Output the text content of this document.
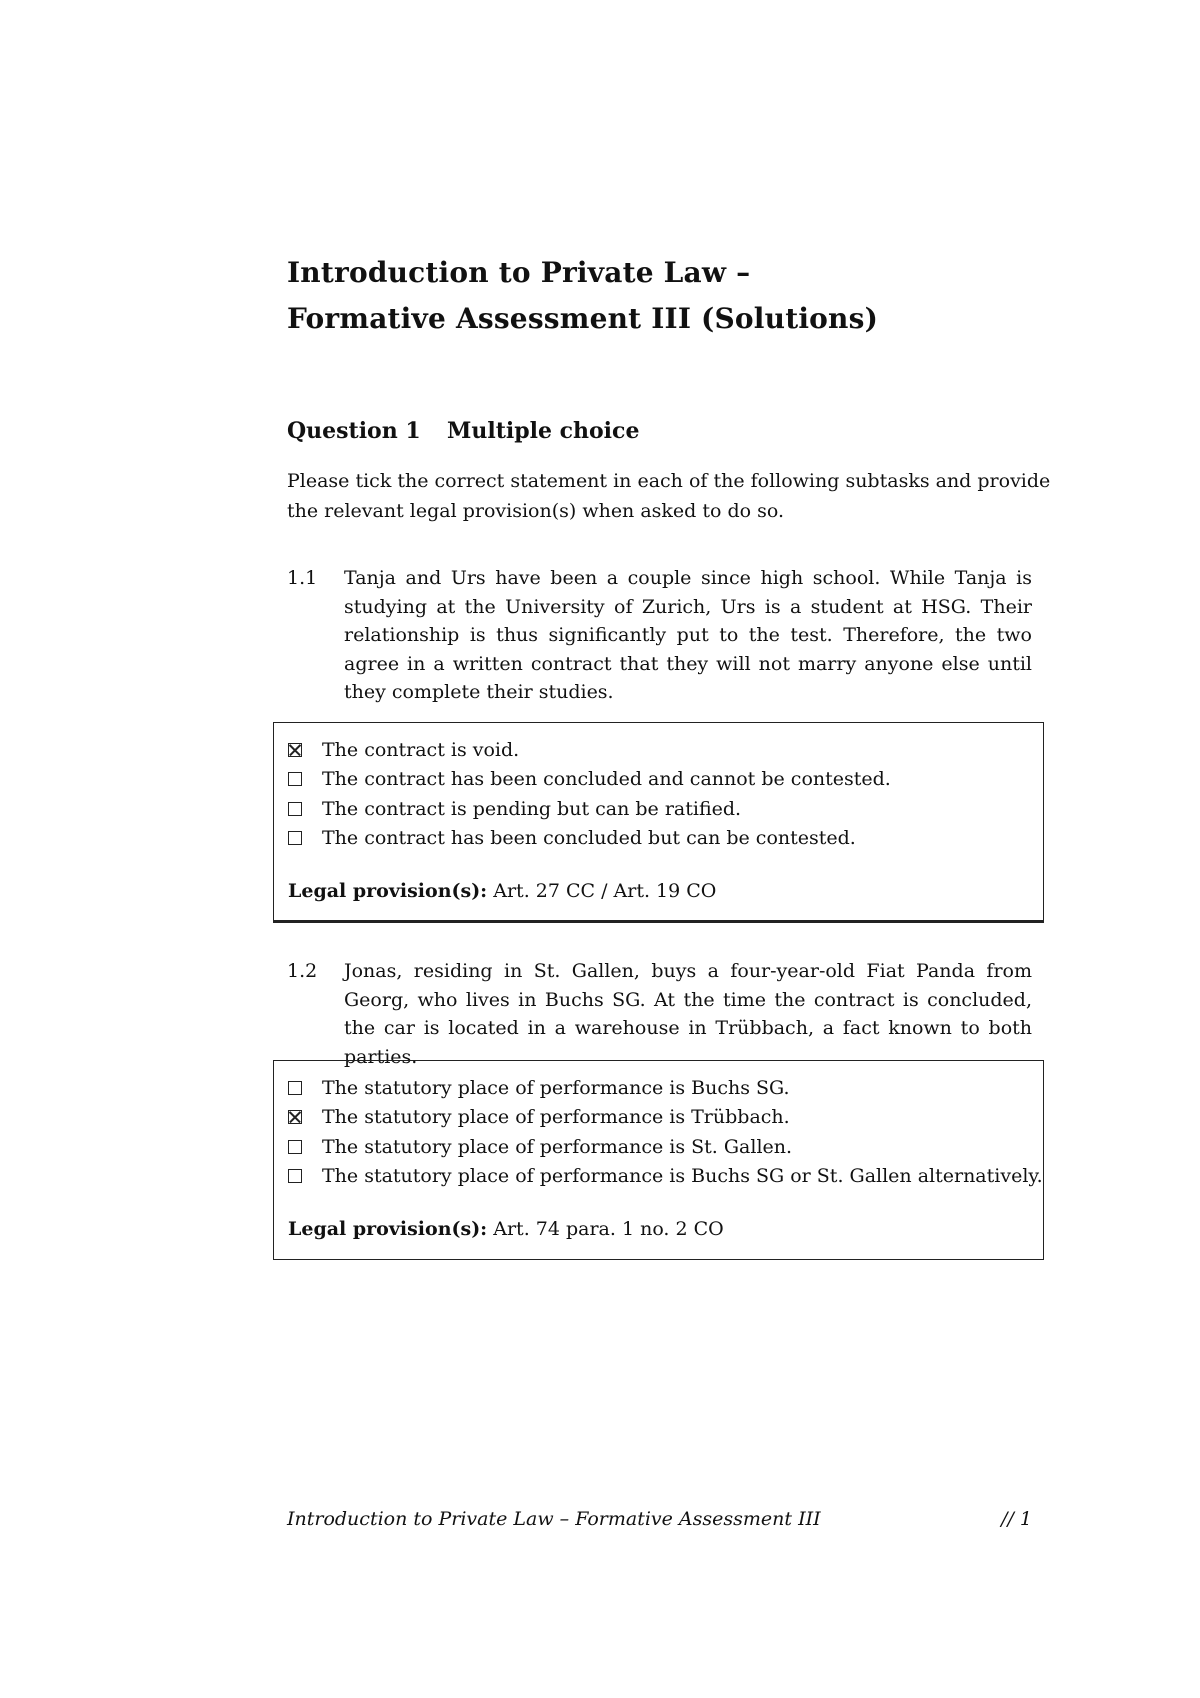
Introduction to Private Law –
Formative Assessment III (Solutions)
Question 1 Multiple choice
Please tick the correct statement in each of the following subtasks and provide
the relevant legal provision(s) when asked to do so.
1.1 Tanja and Urs have been a couple since high school. While Tanja is studying at the University of Zurich, Urs is a student at HSG. Their relationship is thus significantly put to the test. Therefore, the two agree in a written contract that they will not marry anyone else until they complete their studies.
The contract is void.
The contract has been concluded and cannot be contested.
The contract is pending but can be ratified.
The contract has been concluded but can be contested.
Legal provision(s): Art. 27 CC / Art. 19 CO
1.2 Jonas, residing in St. Gallen, buys a four-year-old Fiat Panda from Georg, who lives in Buchs SG. At the time the contract is concluded, the car is located in a warehouse in Trübbach, a fact known to both parties.
The statutory place of performance is Buchs SG.
The statutory place of performance is Trübbach.
The statutory place of performance is St. Gallen.
The statutory place of performance is Buchs SG or St. Gallen alternatively.
Legal provision(s): Art. 74 para. 1 no. 2 CO
Introduction to Private Law – Formative Assessment III	// 1
